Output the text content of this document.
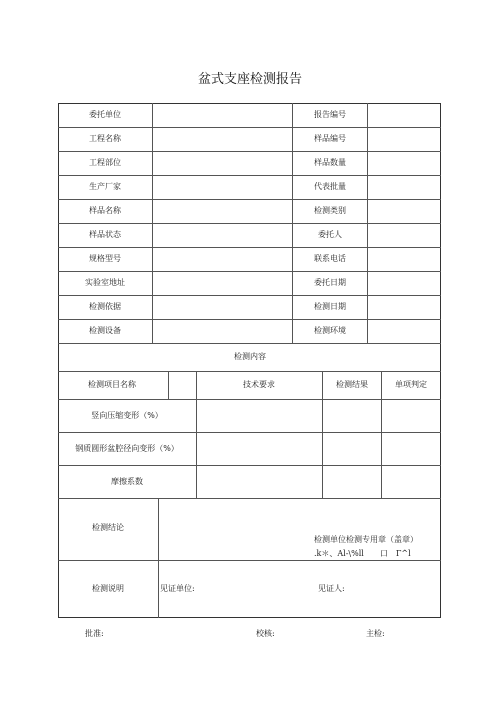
盆式支座检测报告
委托单位	报告编号
工程名称	样品编号
工程部位	样品数量
生产厂家	代表批量
样品名称	检测类别
样品状态	委托人
规格型号	联系电话
实验室地址	委托日期
检测依据	检测日期
检测设备	检测环境
检测内容
检测项目名称	技术要求	检测结果	单项判定
竖向压缩变形（%）
钢质圆形盆腔径向变形（%）
摩擦系数
检测结论
检测单位检测专用章（盖章）
.k＊、Al-\%ll　　口　Γ^l
检测说明	见证单位:	见证人:
批准:	校核:	主检:
